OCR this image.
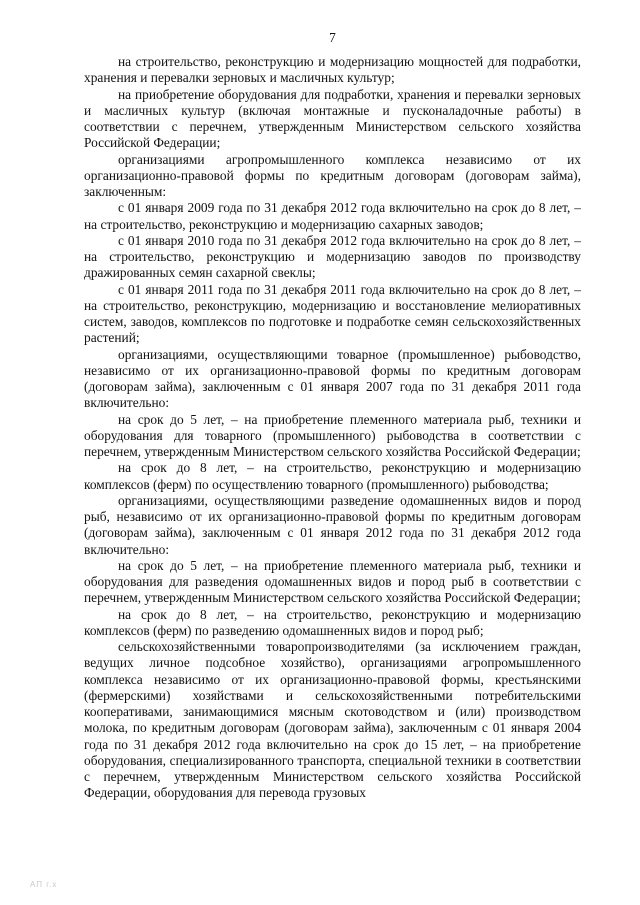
7

на строительство, реконструкцию и модернизацию мощностей для подработки, хранения и перевалки зерновых и масличных культур;

на приобретение оборудования для подработки, хранения и перевалки зерновых и масличных культур (включая монтажные и пусконаладочные работы) в соответствии с перечнем, утвержденным Министерством сельского хозяйства Российской Федерации;

организациями агропромышленного комплекса независимо от их организационно-правовой формы по кредитным договорам (договорам займа), заключенным:

с 01 января 2009 года по 31 декабря 2012 года включительно на срок до 8 лет, – на строительство, реконструкцию и модернизацию сахарных заводов;

с 01 января 2010 года по 31 декабря 2012 года включительно на срок до 8 лет, – на строительство, реконструкцию и модернизацию заводов по производству дражированных семян сахарной свеклы;

с 01 января 2011 года по 31 декабря 2011 года включительно на срок до 8 лет, – на строительство, реконструкцию, модернизацию и восстановление мелиоративных систем, заводов, комплексов по подготовке и подработке семян сельскохозяйственных растений;

организациями, осуществляющими товарное (промышленное) рыбоводство, независимо от их организационно-правовой формы по кредитным договорам (договорам займа), заключенным с 01 января 2007 года по 31 декабря 2011 года включительно:

на срок до 5 лет, – на приобретение племенного материала рыб, техники и оборудования для товарного (промышленного) рыбоводства в соответствии с перечнем, утвержденным Министерством сельского хозяйства Российской Федерации;

на срок до 8 лет, – на строительство, реконструкцию и модернизацию комплексов (ферм) по осуществлению товарного (промышленного) рыбоводства;

организациями, осуществляющими разведение одомашненных видов и пород рыб, независимо от их организационно-правовой формы по кредитным договорам (договорам займа), заключенным с 01 января 2012 года по 31 декабря 2012 года включительно:

на срок до 5 лет, – на приобретение племенного материала рыб, техники и оборудования для разведения одомашненных видов и пород рыб в соответствии с перечнем, утвержденным Министерством сельского хозяйства Российской Федерации;

на срок до 8 лет, – на строительство, реконструкцию и модернизацию комплексов (ферм) по разведению одомашненных видов и пород рыб;

сельскохозяйственными товаропроизводителями (за исключением граждан, ведущих личное подсобное хозяйство), организациями агропромышленного комплекса независимо от их организационно-правовой формы, крестьянскими (фермерскими) хозяйствами и сельскохозяйственными потребительскими кооперативами, занимающимися мясным скотоводством и (или) производством молока, по кредитным договорам (договорам займа), заключенным с 01 января 2004 года по 31 декабря 2012 года включительно на срок до 15 лет, – на приобретение оборудования, специализированного транспорта, специальной техники в соответствии с перечнем, утвержденным Министерством сельского хозяйства Российской Федерации, оборудования для перевода грузовых

АП г.х
